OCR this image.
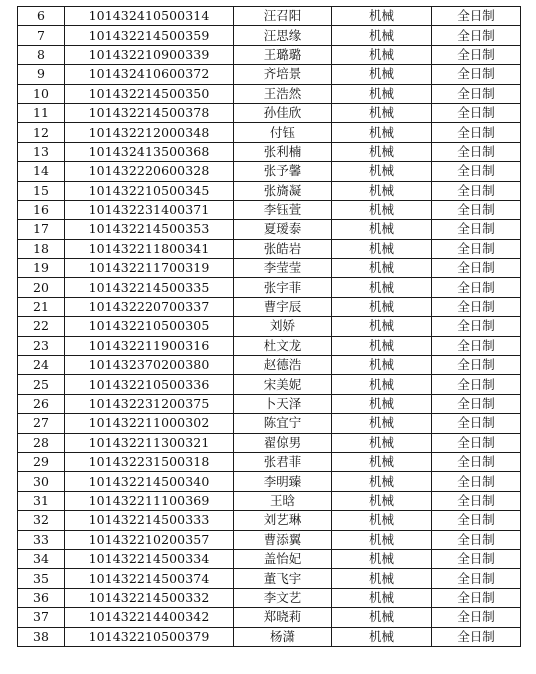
6	101432410500314	汪召阳	机械	全日制
7	101432214500359	汪思缘	机械	全日制
8	101432210900339	王璐璐	机械	全日制
9	101432410600372	齐培景	机械	全日制
10	101432214500350	王浩然	机械	全日制
11	101432214500378	孙佳欣	机械	全日制
12	101432212000348	付钰	机械	全日制
13	101432413500368	张利楠	机械	全日制
14	101432220600328	张予馨	机械	全日制
15	101432210500345	张旖凝	机械	全日制
16	101432231400371	李钰萱	机械	全日制
17	101432214500353	夏瑷泰	机械	全日制
18	101432211800341	张皓岩	机械	全日制
19	101432211700319	李莹莹	机械	全日制
20	101432214500335	张宇菲	机械	全日制
21	101432220700337	曹宇辰	机械	全日制
22	101432210500305	刘娇	机械	全日制
23	101432211900316	杜文龙	机械	全日制
24	101432370200380	赵德浩	机械	全日制
25	101432210500336	宋美妮	机械	全日制
26	101432231200375	卜天泽	机械	全日制
27	101432211000302	陈宜宁	机械	全日制
28	101432211300321	翟倞男	机械	全日制
29	101432231500318	张君菲	机械	全日制
30	101432214500340	李明臻	机械	全日制
31	101432211100369	王晗	机械	全日制
32	101432214500333	刘艺琳	机械	全日制
33	101432210200357	曹添翼	机械	全日制
34	101432214500334	盖怡妃	机械	全日制
35	101432214500374	董飞宇	机械	全日制
36	101432214500332	李文艺	机械	全日制
37	101432214400342	郑晓莉	机械	全日制
38	101432210500379	杨潇	机械	全日制
